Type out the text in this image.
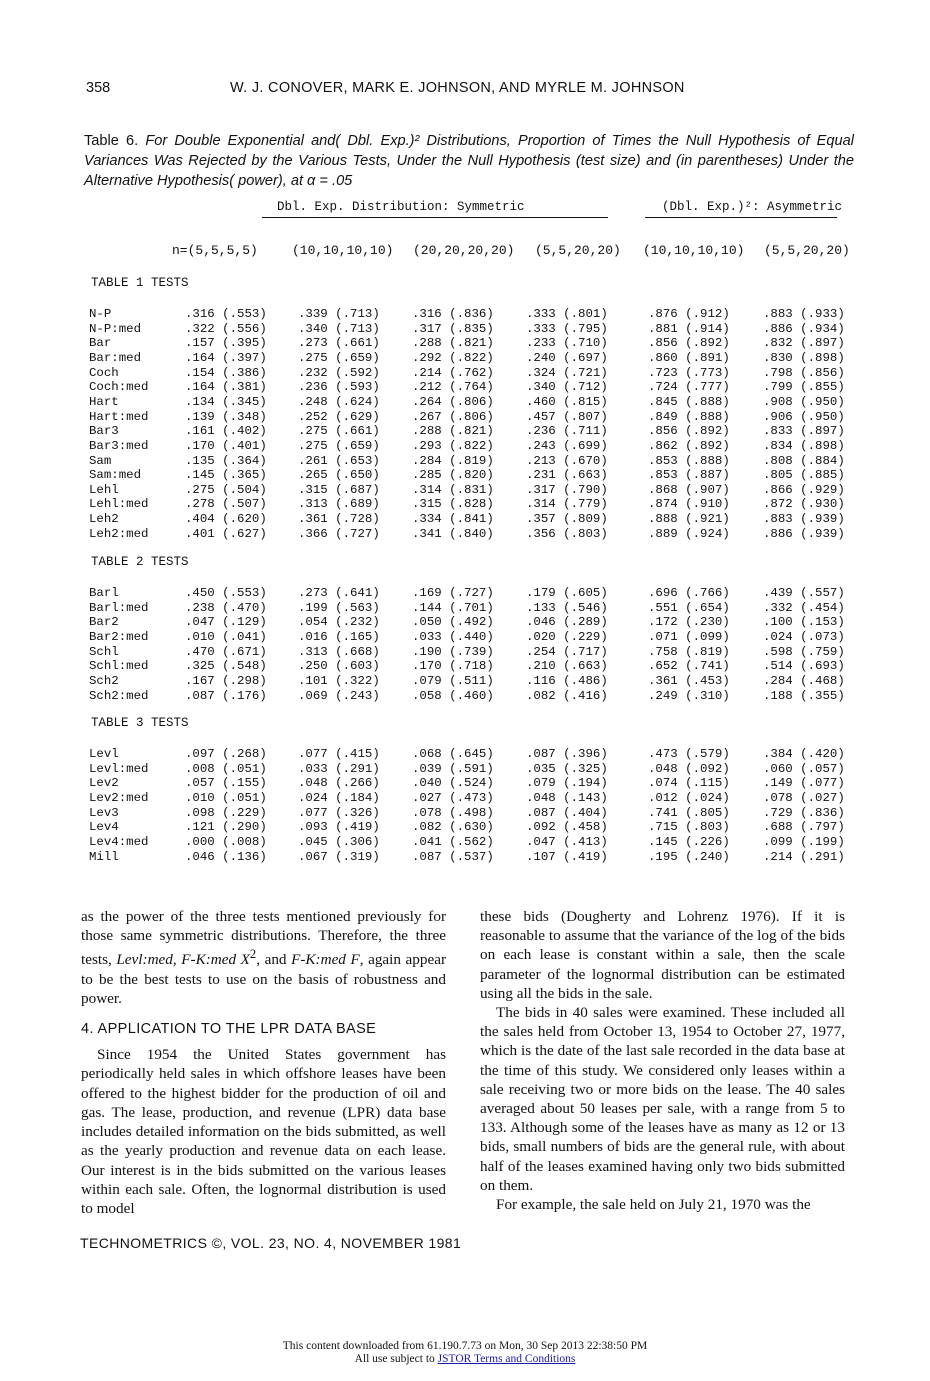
358	W. J. CONOVER, MARK E. JOHNSON, AND MYRLE M. JOHNSON
Table 6. For Double Exponential and( Dbl. Exp.)² Distributions, Proportion of Times the Null Hypothesis of Equal Variances Was Rejected by the Various Tests, Under the Null Hypothesis (test size) and (in parentheses) Under the Alternative Hypothesis( power), at α = .05
Dbl. Exp. Distribution: Symmetric	(Dbl. Exp.)²: Asymmetric
n=(5,5,5,5)	(10,10,10,10) (20,20,20,20) (5,5,20,20) (10,10,10,10) (5,5,20,20)
TABLE 1 TESTS
N-P	.316 (.553)	.339 (.713)	.316 (.836)	.333 (.801)	.876 (.912)	.883 (.933)
N-P:med	.322 (.556)	.340 (.713)	.317 (.835)	.333 (.795)	.881 (.914)	.886 (.934)
Bar	.157 (.395)	.273 (.661)	.288 (.821)	.233 (.710)	.856 (.892)	.832 (.897)
Bar:med	.164 (.397)	.275 (.659)	.292 (.822)	.240 (.697)	.860 (.891)	.830 (.898)
Coch	.154 (.386)	.232 (.592)	.214 (.762)	.324 (.721)	.723 (.773)	.798 (.856)
Coch:med	.164 (.381)	.236 (.593)	.212 (.764)	.340 (.712)	.724 (.777)	.799 (.855)
Hart	.134 (.345)	.248 (.624)	.264 (.806)	.460 (.815)	.845 (.888)	.908 (.950)
Hart:med	.139 (.348)	.252 (.629)	.267 (.806)	.457 (.807)	.849 (.888)	.906 (.950)
Bar3	.161 (.402)	.275 (.661)	.288 (.821)	.236 (.711)	.856 (.892)	.833 (.897)
Bar3:med	.170 (.401)	.275 (.659)	.293 (.822)	.243 (.699)	.862 (.892)	.834 (.898)
Sam	.135 (.364)	.261 (.653)	.284 (.819)	.213 (.670)	.853 (.888)	.808 (.884)
Sam:med	.145 (.365)	.265 (.650)	.285 (.820)	.231 (.663)	.853 (.887)	.805 (.885)
Lehl	.275 (.504)	.315 (.687)	.314 (.831)	.317 (.790)	.868 (.907)	.866 (.929)
Lehl:med	.278 (.507)	.313 (.689)	.315 (.828)	.314 (.779)	.874 (.910)	.872 (.930)
Leh2	.404 (.620)	.361 (.728)	.334 (.841)	.357 (.809)	.888 (.921)	.883 (.939)
Leh2:med	.401 (.627)	.366 (.727)	.341 (.840)	.356 (.803)	.889 (.924)	.886 (.939)
TABLE 2 TESTS
Barl	.450 (.553)	.273 (.641)	.169 (.727)	.179 (.605)	.696 (.766)	.439 (.557)
Barl:med	.238 (.470)	.199 (.563)	.144 (.701)	.133 (.546)	.551 (.654)	.332 (.454)
Bar2	.047 (.129)	.054 (.232)	.050 (.492)	.046 (.289)	.172 (.230)	.100 (.153)
Bar2:med	.010 (.041)	.016 (.165)	.033 (.440)	.020 (.229)	.071 (.099)	.024 (.073)
Schl	.470 (.671)	.313 (.668)	.190 (.739)	.254 (.717)	.758 (.819)	.598 (.759)
Schl:med	.325 (.548)	.250 (.603)	.170 (.718)	.210 (.663)	.652 (.741)	.514 (.693)
Sch2	.167 (.298)	.101 (.322)	.079 (.511)	.116 (.486)	.361 (.453)	.284 (.468)
Sch2:med	.087 (.176)	.069 (.243)	.058 (.460)	.082 (.416)	.249 (.310)	.188 (.355)
TABLE 3 TESTS
Levl	.097 (.268)	.077 (.415)	.068 (.645)	.087 (.396)	.473 (.579)	.384 (.420)
Levl:med	.008 (.051)	.033 (.291)	.039 (.591)	.035 (.325)	.048 (.092)	.060 (.057)
Lev2	.057 (.155)	.048 (.266)	.040 (.524)	.079 (.194)	.074 (.115)	.149 (.077)
Lev2:med	.010 (.051)	.024 (.184)	.027 (.473)	.048 (.143)	.012 (.024)	.078 (.027)
Lev3	.098 (.229)	.077 (.326)	.078 (.498)	.087 (.404)	.741 (.805)	.729 (.836)
Lev4	.121 (.290)	.093 (.419)	.082 (.630)	.092 (.458)	.715 (.803)	.688 (.797)
Lev4:med	.000 (.008)	.045 (.306)	.041 (.562)	.047 (.413)	.145 (.226)	.099 (.199)
Mill	.046 (.136)	.067 (.319)	.087 (.537)	.107 (.419)	.195 (.240)	.214 (.291)

as the power of the three tests mentioned previously for those same symmetric distributions. Therefore, the three tests, Levl:med, F-K:med $X^2$, and F-K:med F, again appear to be the best tests to use on the basis of robustness and power.

4. APPLICATION TO THE LPR DATA BASE

Since 1954 the United States government has periodically held sales in which offshore leases have been offered to the highest bidder for the production of oil and gas. The lease, production, and revenue (LPR) data base includes detailed information on the bids submitted, as well as the yearly production and revenue data on each lease. Our interest is in the bids submitted on the various leases within each sale. Often, the lognormal distribution is used to model

these bids (Dougherty and Lohrenz 1976). If it is reasonable to assume that the variance of the log of the bids on each lease is constant within a sale, then the scale parameter of the lognormal distribution can be estimated using all the bids in the sale.

The bids in 40 sales were examined. These included all the sales held from October 13, 1954 to October 27, 1977, which is the date of the last sale recorded in the data base at the time of this study. We considered only leases within a sale receiving two or more bids on the lease. The 40 sales averaged about 50 leases per sale, with a range from 5 to 133. Although some of the leases have as many as 12 or 13 bids, small numbers of bids are the general rule, with about half of the leases examined having only two bids submitted on them.

For example, the sale held on July 21, 1970 was the

TECHNOMETRICS ©, VOL. 23, NO. 4, NOVEMBER 1981
This content downloaded from 61.190.7.73 on Mon, 30 Sep 2013 22:38:50 PM
All use subject to JSTOR Terms and Conditions
